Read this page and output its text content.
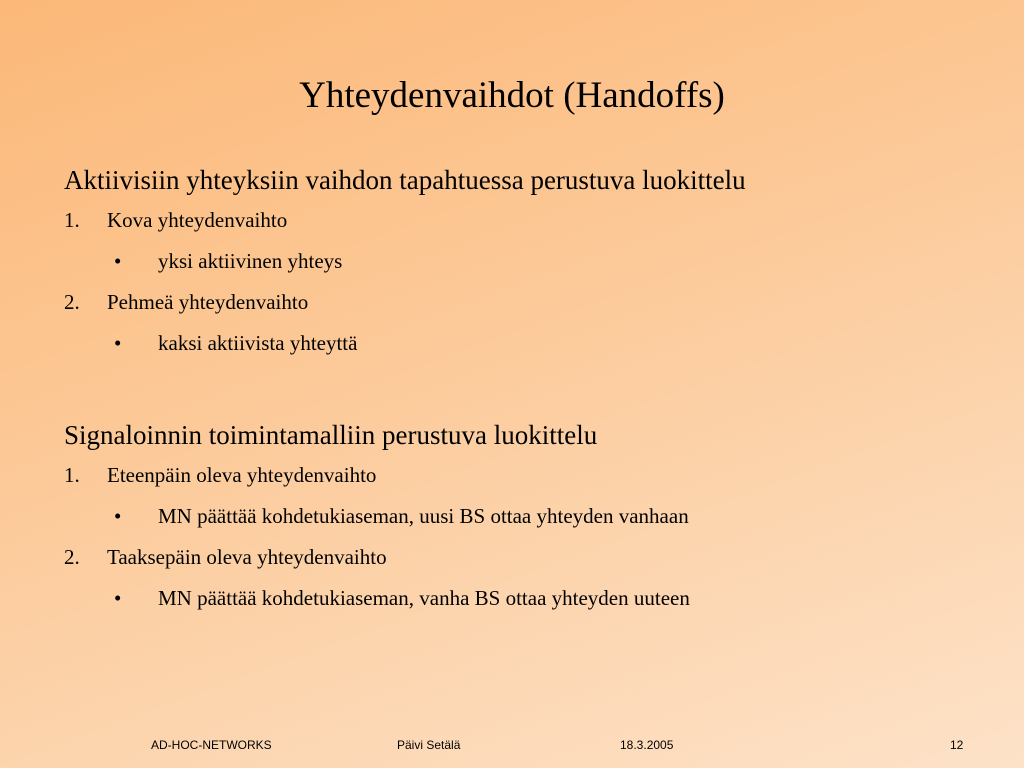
Yhteydenvaihdot (Handoffs)
Aktiivisiin yhteyksiin vaihdon tapahtuessa perustuva luokittelu
1. Kova yhteydenvaihto
• yksi aktiivinen yhteys
2. Pehmeä yhteydenvaihto
• kaksi aktiivista yhteyttä
Signaloinnin toimintamalliin perustuva luokittelu
1. Eteenpäin oleva yhteydenvaihto
• MN päättää kohdetukiaseman, uusi BS ottaa yhteyden vanhaan
2. Taaksepäin oleva yhteydenvaihto
• MN päättää kohdetukiaseman, vanha BS ottaa yhteyden uuteen
AD-HOC-NETWORKS	Päivi Setälä	18.3.2005	12
